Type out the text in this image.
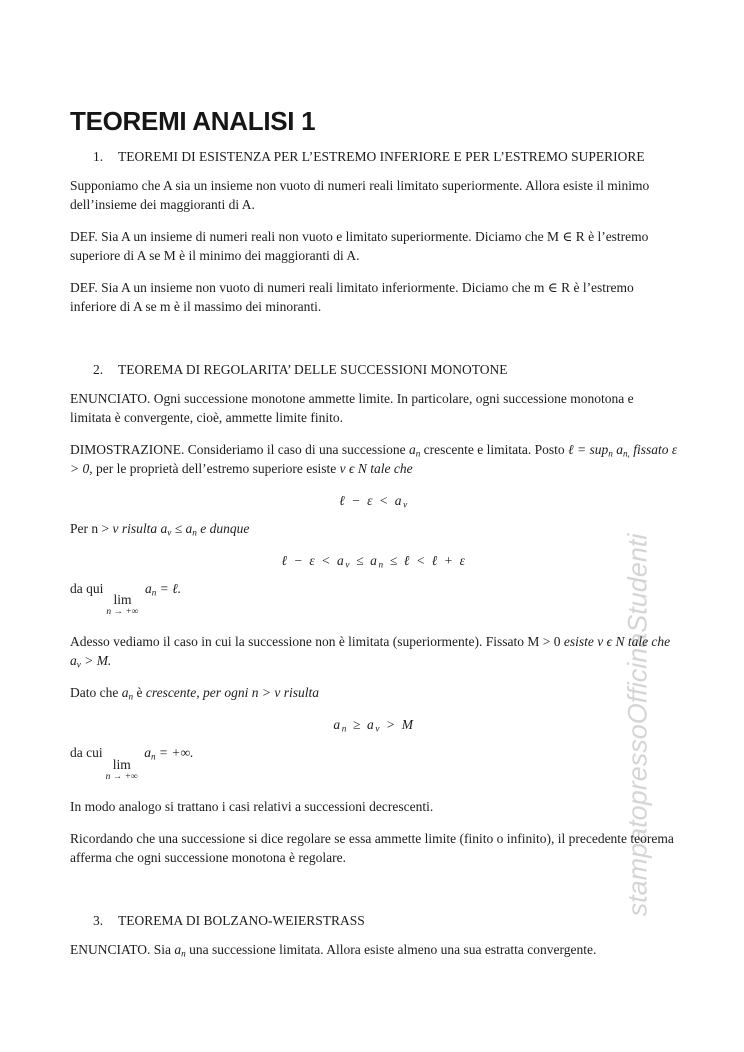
stampatopressoOfficinaStudenti
TEOREMI ANALISI 1

1. TEOREMI DI ESISTENZA PER L’ESTREMO INFERIORE E PER L’ESTREMO SUPERIORE

Supponiamo che A sia un insieme non vuoto di numeri reali limitato superiormente. Allora esiste il minimo dell’insieme dei maggioranti di A.

DEF. Sia A un insieme di numeri reali non vuoto e limitato superiormente. Diciamo che M ∈ R è l’estremo superiore di A se M è il minimo dei maggioranti di A.

DEF. Sia A un insieme non vuoto di numeri reali limitato inferiormente. Diciamo che m ∈ R è l’estremo inferiore di A se m è il massimo dei minoranti.

2. TEOREMA DI REGOLARITA’ DELLE SUCCESSIONI MONOTONE

ENUNCIATO. Ogni successione monotone ammette limite. In particolare, ogni successione monotona e limitata è convergente, cioè, ammette limite finito.

DIMOSTRAZIONE. Consideriamo il caso di una successione $a_n$ crescente e limitata. Posto ℓ = sup$_n$ $a_{n,}$ fissato ε > 0, per le proprietà dell’estremo superiore esiste ν ϵ N tale che

ℓ − $\varepsilon < a_\nu$

Per n > ν risulta $a_\nu \le a_n$ e dunque

ℓ − $\varepsilon < a_\nu \le a_n$ ≤ ℓ < ℓ + ε

da qui
lim
n → +∞
$a_n$ = ℓ.

Adesso vediamo il caso in cui la successione non è limitata (superiormente). Fissato M > 0 esiste ν ϵ N tale che $a_\nu > M$.

Dato che $a_n$ è crescente, per ogni n > ν risulta

$a_n \ge a_\nu > M$

da cui
lim
n → +∞
$a_n$ = +∞.

In modo analogo si trattano i casi relativi a successioni decrescenti.

Ricordando che una successione si dice regolare se essa ammette limite (finito o infinito), il precedente teorema afferma che ogni successione monotona è regolare.

3. TEOREMA DI BOLZANO-WEIERSTRASS

ENUNCIATO. Sia $a_n$ una successione limitata. Allora esiste almeno una sua estratta convergente.
